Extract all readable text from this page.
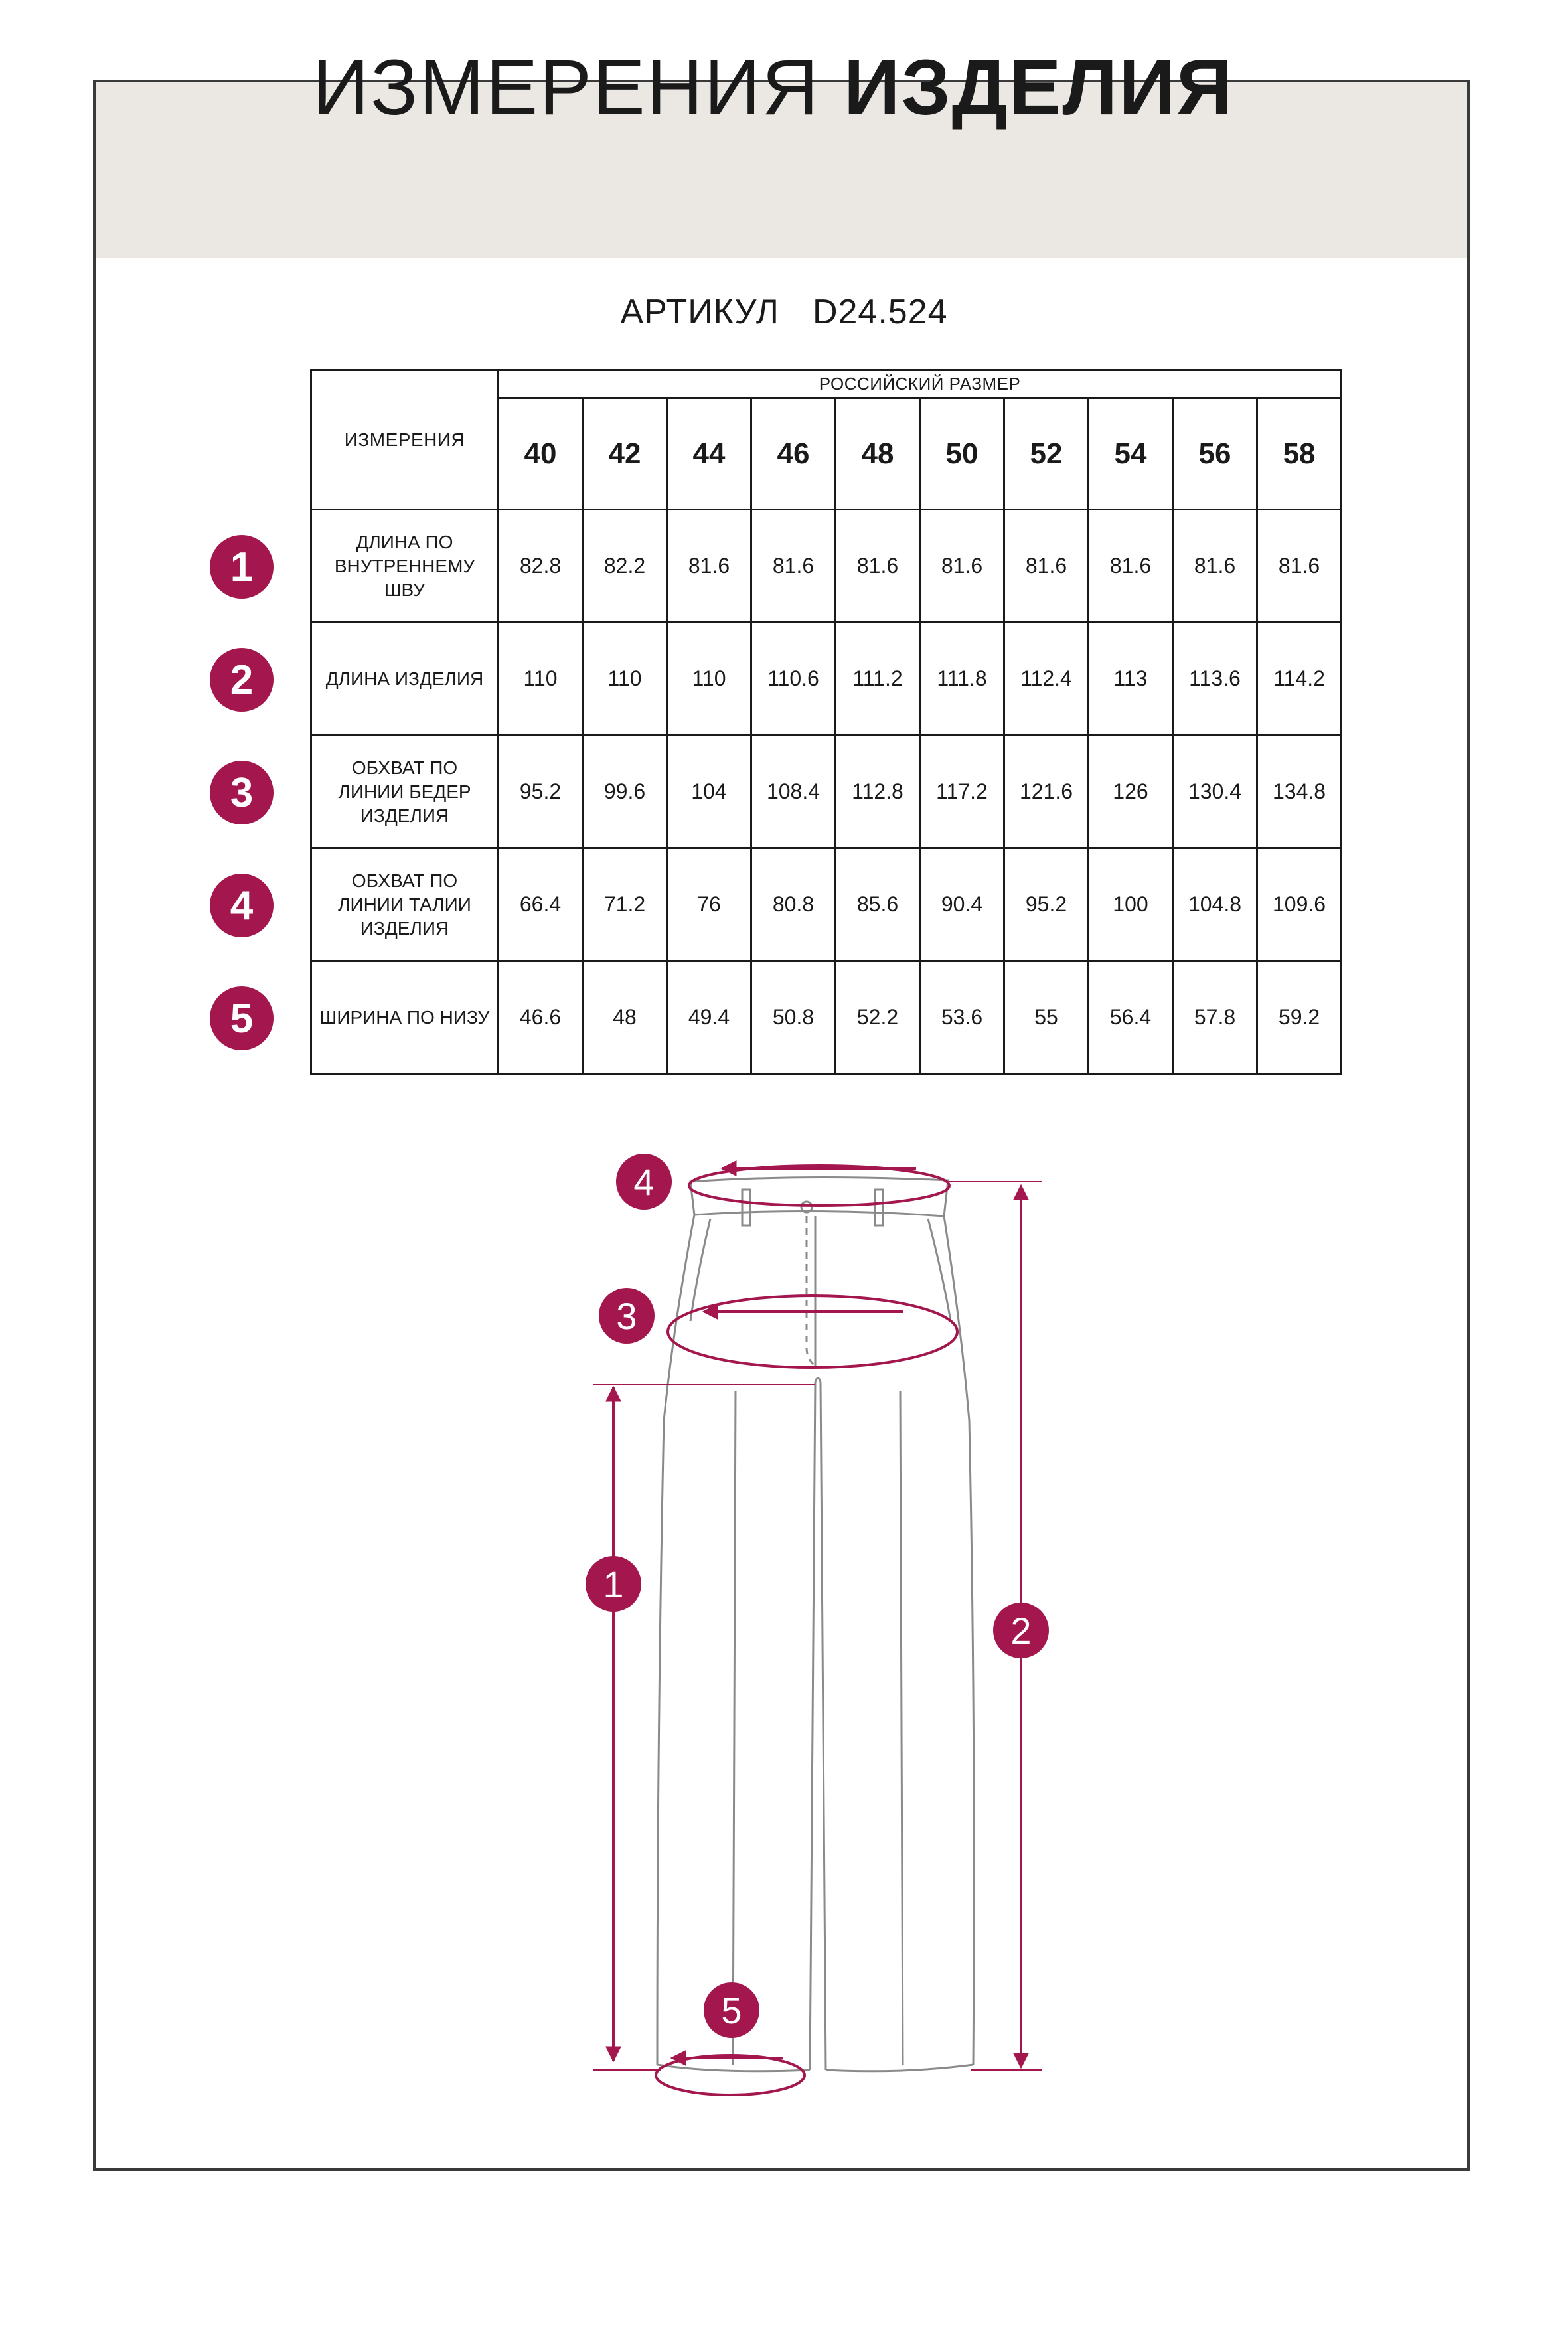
ИЗМЕРЕНИЯ ИЗДЕЛИЯ
АРТИКУЛ D24.524
ИЗМЕРЕНИЯ	РОССИЙСКИЙ РАЗМЕР									
	40	42	44	46	48	50	52	54	56	58
ДЛИНА ПО ВНУТРЕННЕМУ ШВУ	82.8	82.2	81.6	81.6	81.6	81.6	81.6	81.6	81.6	81.6
ДЛИНА ИЗДЕЛИЯ	110	110	110	110.6	111.2	111.8	112.4	113	113.6	114.2
ОБХВАТ ПО ЛИНИИ БЕДЕР ИЗДЕЛИЯ	95.2	99.6	104	108.4	112.8	117.2	121.6	126	130.4	134.8
ОБХВАТ ПО ЛИНИИ ТАЛИИ ИЗДЕЛИЯ	66.4	71.2	76	80.8	85.6	90.4	95.2	100	104.8	109.6
ШИРИНА ПО НИЗУ	46.6	48	49.4	50.8	52.2	53.6	55	56.4	57.8	59.2
1
2
3
4
5
4
3
1
2
5
